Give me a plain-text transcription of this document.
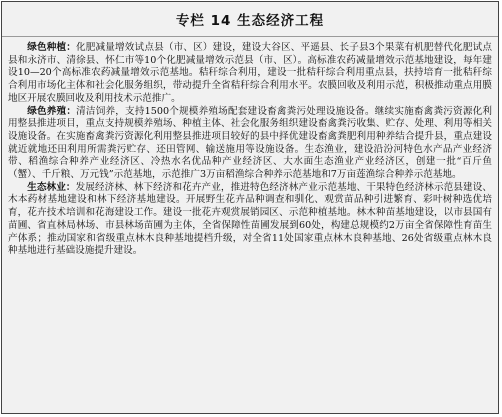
专栏 14 生态经济工程

绿色种植：化肥减量增效试点县（市、区）建设，建设大谷区、平遥县、长子县3个果菜有机肥替代化肥试点县和永济市、清徐县、怀仁市等10个化肥减量增效示范县（市、区）。高标准农药减量增效示范基地建设，每年建设10—20个高标准农药减量增效示范基地。秸秆综合利用，建设一批秸秆综合利用重点县，扶持培育一批秸秆综合利用市场化主体和社会化服务组织，带动提升全省秸秆综合利用水平。农膜回收及利用示范，积极推动重点用膜地区开展农膜回收及利用技术示范推广。

绿色养殖：清洁饲养，支持1500个规模养殖场配套建设畜禽粪污处理设施设备。继续实施畜禽粪污资源化利用整县推进项目，重点支持规模养殖场、种植主体、社会化服务组织建设畜禽粪污收集、贮存、处理、利用等相关设施设备。在实施畜禽粪污资源化利用整县推进项目较好的县中择优建设畜禽粪肥利用种养结合提升县，重点建设就近就地还田利用所需粪污贮存、还田管网、输送施用等设施设备。生态渔业，建设沿汾河特色水产品产业经济带、稻渔综合种养产业经济区、冷热水名优品种产业经济区、大水面生态渔业产业经济区，创建一批“百斤鱼（蟹）、千斤粮、万元钱”示范基地，示范推广3万亩稻渔综合种养示范基地和7万亩莲渔综合种养示范基地。

生态林业：发展经济林、林下经济和花卉产业，推进特色经济林产业示范基地、干果特色经济林示范县建设、木本药材基地建设和林下经济基地建设。开展野生花卉品种调查和驯化、观赏苗品种引进繁育、彩叶树种选优培育，花卉技术培训和花海建设工作。建设一批花卉观赏展销园区、示范种植基地。林木种苗基地建设，以市县国有苗圃、省直林局林场、市县林场苗圃为主体，全省保障性苗圃发展到60处，构建总规模约2万亩全省保障性育苗生产体系；推动国家和省级重点林木良种基地提档升级，对全省11处国家重点林木良种基地、26处省级重点林木良种基地进行基础设施提升建设。
